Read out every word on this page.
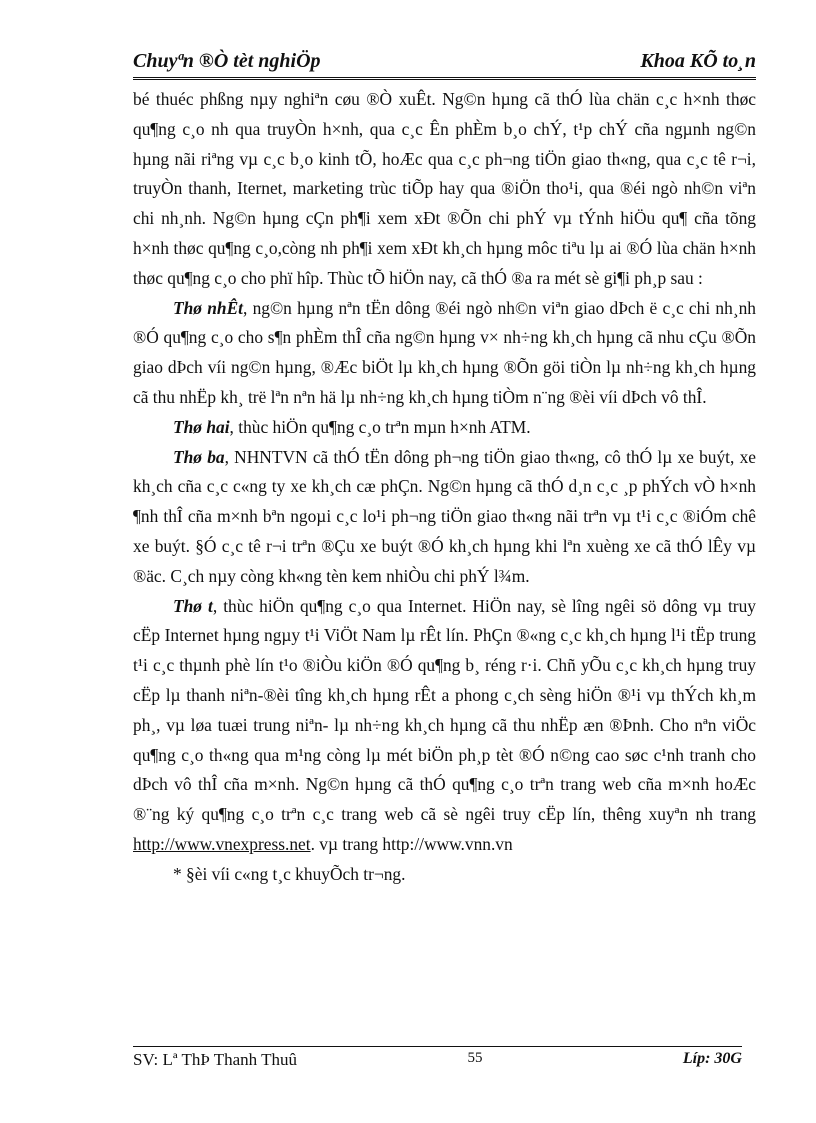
Chuyªn ®Ò tèt nghiÖp	Khoa KÕ to¸n

bé thuéc phßng nµy nghiªn cøu ®Ò xuÊt. Ng©n hµng cã thÓ lùa chän c¸c h×nh thøc qu¶ng c¸o nh qua truyÒn h×nh, qua c¸c Ên phÈm b¸o chÝ, t¹p chÝ cña ngµnh ng©n hµng nãi riªng vµ c¸c b¸o kinh tÕ, hoÆc qua c¸c ph¬ng tiÖn giao th«ng, qua c¸c tê r¬i, truyÒn thanh, Iternet, marketing trùc tiÕp hay qua ®iÖn tho¹i, qua ®éi ngò nh©n viªn chi nh¸nh. Ng©n hµng cÇn ph¶i xem xÐt ®Õn chi phÝ vµ tÝnh hiÖu qu¶ cña tõng h×nh thøc qu¶ng c¸o,còng nh ph¶i xem xÐt kh¸ch hµng môc tiªu lµ ai ®Ó lùa chän h×nh thøc qu¶ng c¸o cho phï hîp. Thùc tÕ hiÖn nay, cã thÓ ®a ra mét sè gi¶i ph¸p sau :

Thø nhÊt, ng©n hµng nªn tËn dông ®éi ngò nh©n viªn giao dÞch ë c¸c chi nh¸nh ®Ó qu¶ng c¸o cho s¶n phÈm thÎ cña ng©n hµng v× nh÷ng kh¸ch hµng cã nhu cÇu ®Õn giao dÞch víi ng©n hµng, ®Æc biÖt lµ kh¸ch hµng ®Õn göi tiÒn lµ nh÷ng kh¸ch hµng cã thu nhËp kh¸ trë lªn nªn hä lµ nh÷ng kh¸ch hµng tiÒm n¨ng ®èi víi dÞch vô thÎ.

Thø hai, thùc hiÖn qu¶ng c¸o trªn mµn h×nh ATM.

Thø ba, NHNTVN cã thÓ tËn dông ph¬ng tiÖn giao th«ng, cô thÓ lµ xe buýt, xe kh¸ch cña c¸c c«ng ty xe kh¸ch cæ phÇn. Ng©n hµng cã thÓ d¸n c¸c ¸p phÝch vÒ h×nh ¶nh thÎ cña m×nh bªn ngoµi c¸c lo¹i ph¬ng tiÖn giao th«ng nãi trªn vµ t¹i c¸c ®iÓm chê xe buýt. §Ó c¸c tê r¬i trªn ®Çu xe buýt ®Ó kh¸ch hµng khi lªn xuèng xe cã thÓ lÊy vµ ®äc. C¸ch nµy còng kh«ng tèn kem nhiÒu chi phÝ l¾m.

Thø t, thùc hiÖn qu¶ng c¸o qua Internet. HiÖn nay, sè lîng ngêi sö dông vµ truy cËp Internet hµng ngµy t¹i ViÖt Nam lµ rÊt lín. PhÇn ®«ng c¸c kh¸ch hµng l¹i tËp trung t¹i c¸c thµnh phè lín t¹o ®iÒu kiÖn ®Ó qu¶ng b¸ réng r·i. Chñ yÕu c¸c kh¸ch hµng truy cËp lµ thanh niªn-®èi tîng kh¸ch hµng rÊt a phong c¸ch sèng hiÖn ®¹i vµ thÝch kh¸m ph¸, vµ løa tuæi trung niªn- lµ nh÷ng kh¸ch hµng cã thu nhËp æn ®Þnh. Cho nªn viÖc qu¶ng c¸o th«ng qua m¹ng còng lµ mét biÖn ph¸p tèt ®Ó n©ng cao søc c¹nh tranh cho dÞch vô thÎ cña m×nh. Ng©n hµng cã thÓ qu¶ng c¸o trªn trang web cña m×nh hoÆc ®¨ng ký qu¶ng c¸o trªn c¸c trang web cã sè ngêi truy cËp lín, thêng xuyªn nh trang http://www.vnexpress.net. vµ trang http://www.vnn.vn

* §èi víi c«ng t¸c khuyÕch tr¬ng.

SV: Lª ThÞ Thanh Thuû	55	Líp: 30G
